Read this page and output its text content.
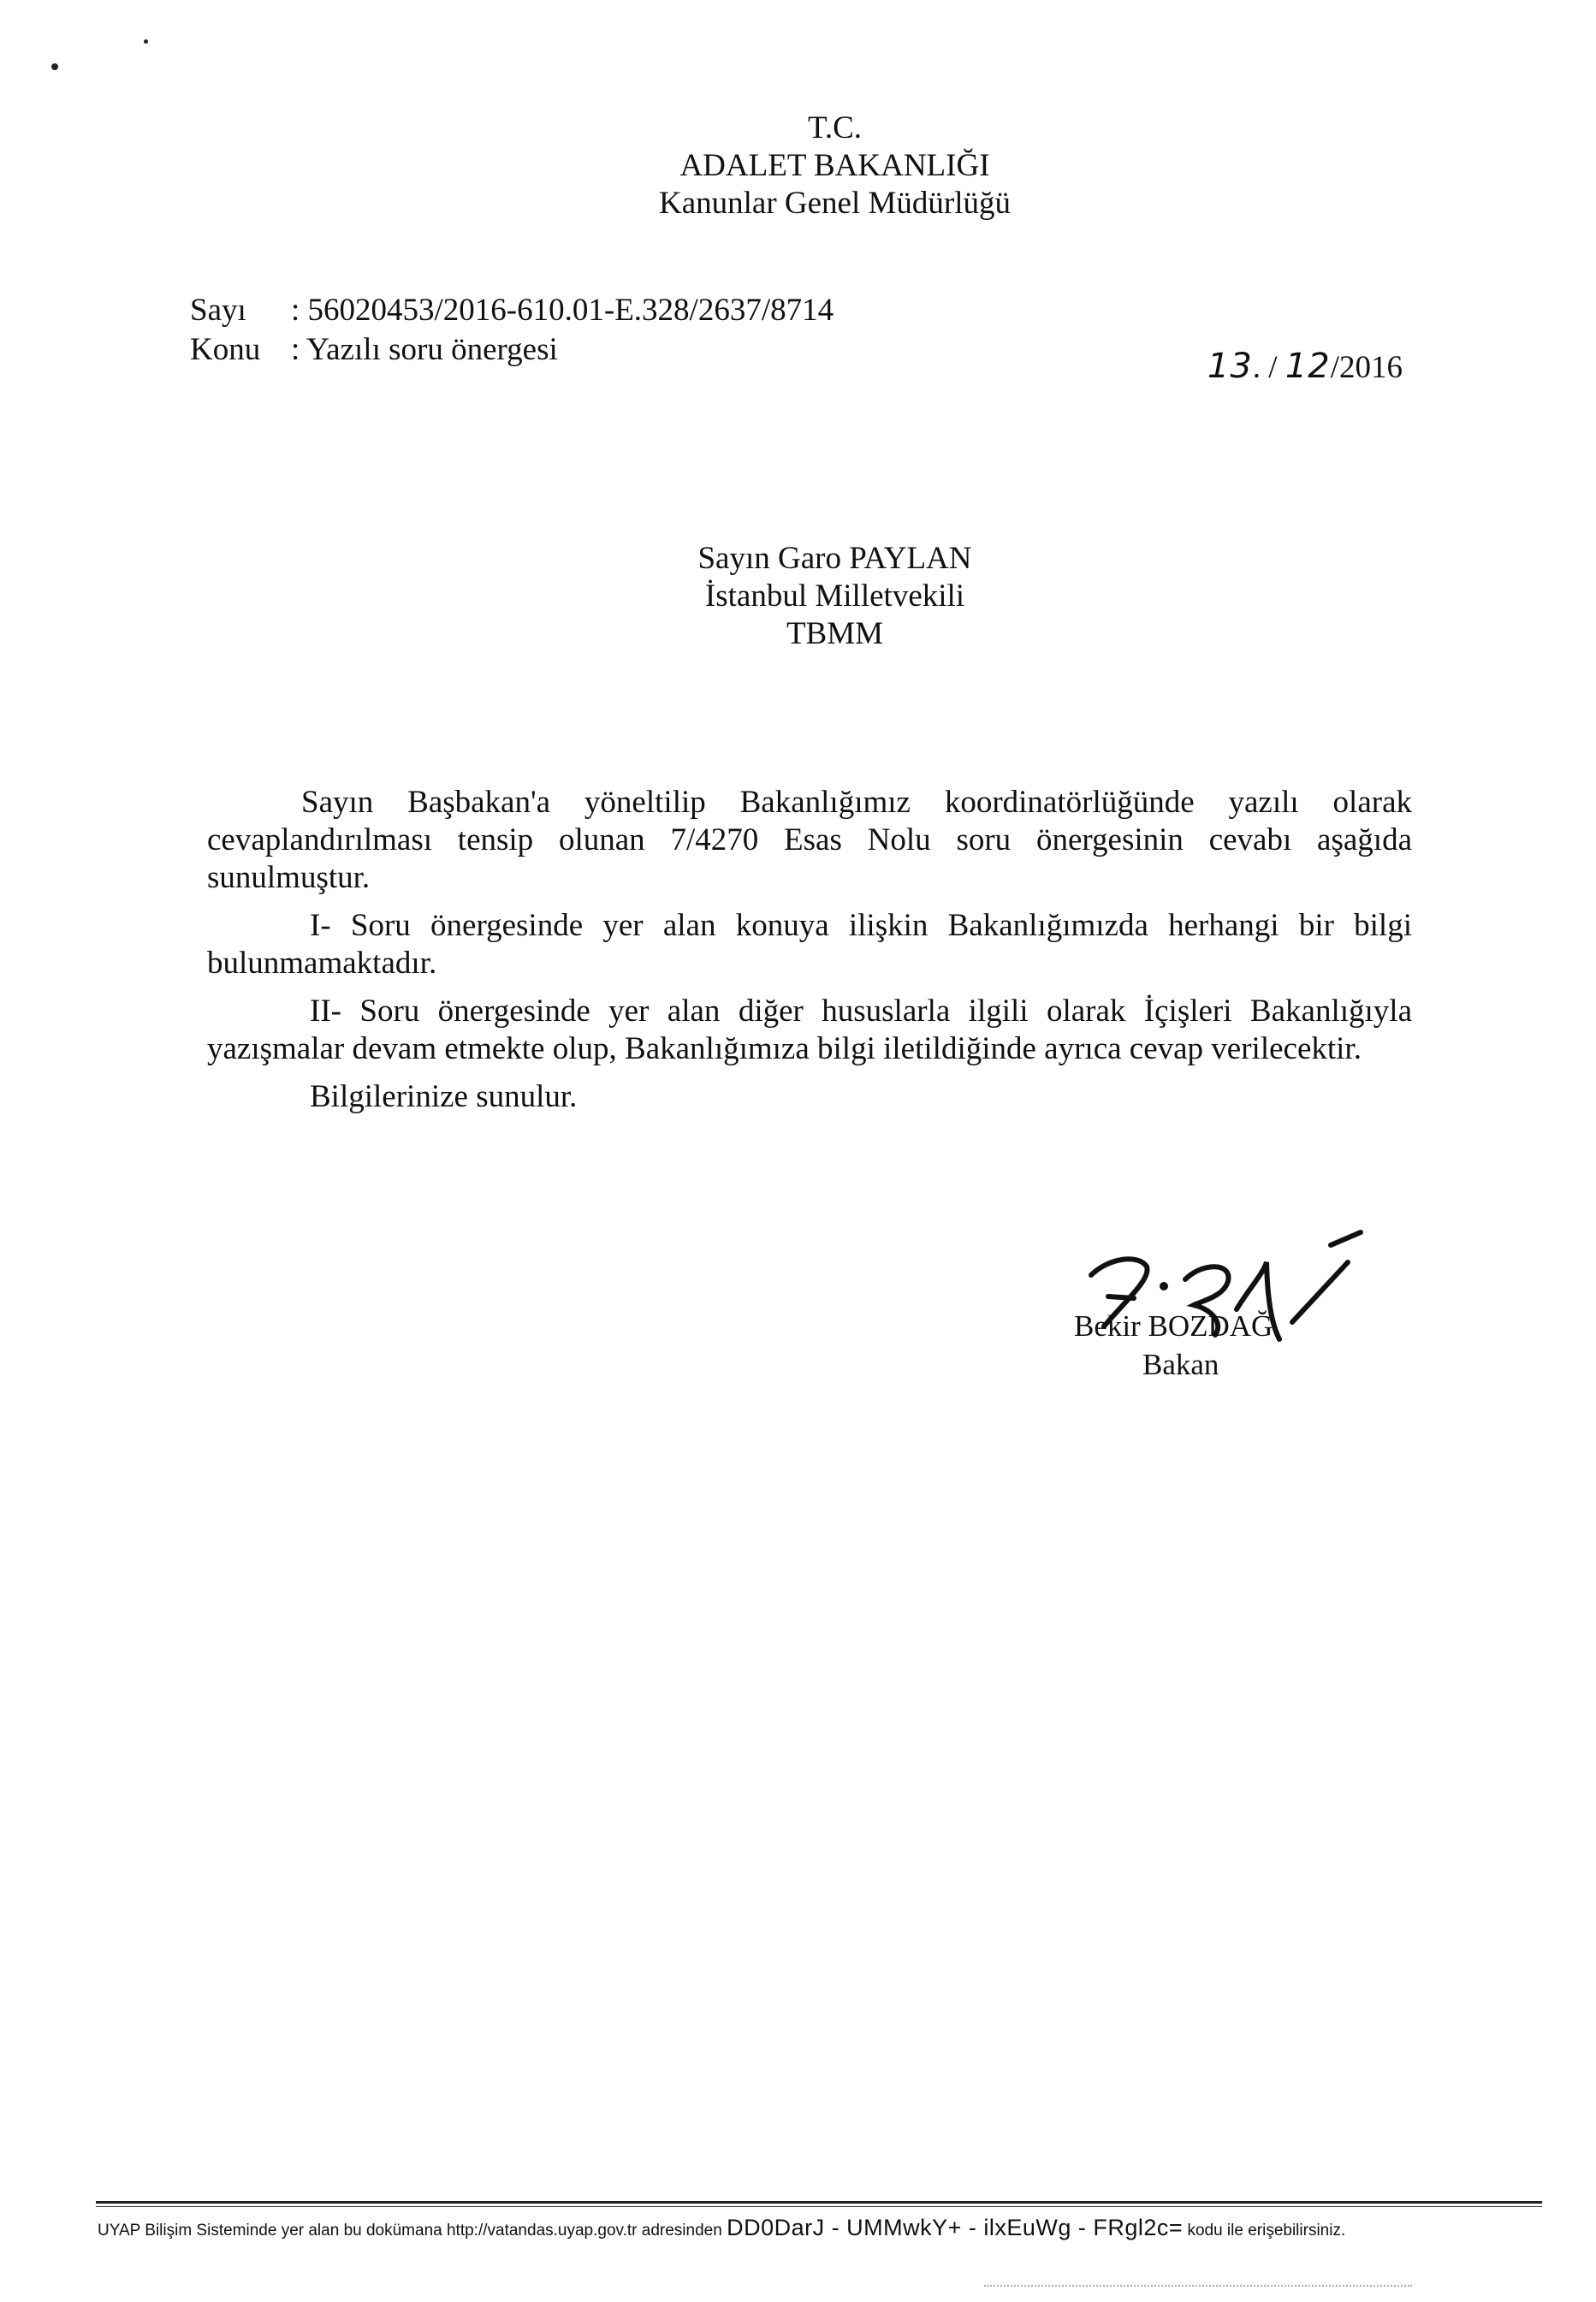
T.C.
ADALET BAKANLIĞI
Kanunlar Genel Müdürlüğü
Sayı : 56020453/2016-610.01-E.328/2637/8714
Konu : Yazılı soru önergesi	13. / 12/2016
Sayın Garo PAYLAN
İstanbul Milletvekili
TBMM

Sayın Başbakan'a yöneltilip Bakanlığımız koordinatörlüğünde yazılı olarak cevaplandırılması tensip olunan 7/4270 Esas Nolu soru önergesinin cevabı aşağıda sunulmuştur.

I- Soru önergesinde yer alan konuya ilişkin Bakanlığımızda herhangi bir bilgi bulunmamaktadır.

II- Soru önergesinde yer alan diğer hususlarla ilgili olarak İçişleri Bakanlığıyla yazışmalar devam etmekte olup, Bakanlığımıza bilgi iletildiğinde ayrıca cevap verilecektir.

Bilgilerinize sunulur.

Bekir BOZDAĞ
Bakan
UYAP Bilişim Sisteminde yer alan bu dokümana http://vatandas.uyap.gov.tr adresinden DD0DarJ - UMMwkY+ - ilxEuWg - FRgl2c= kodu ile erişebilirsiniz.
